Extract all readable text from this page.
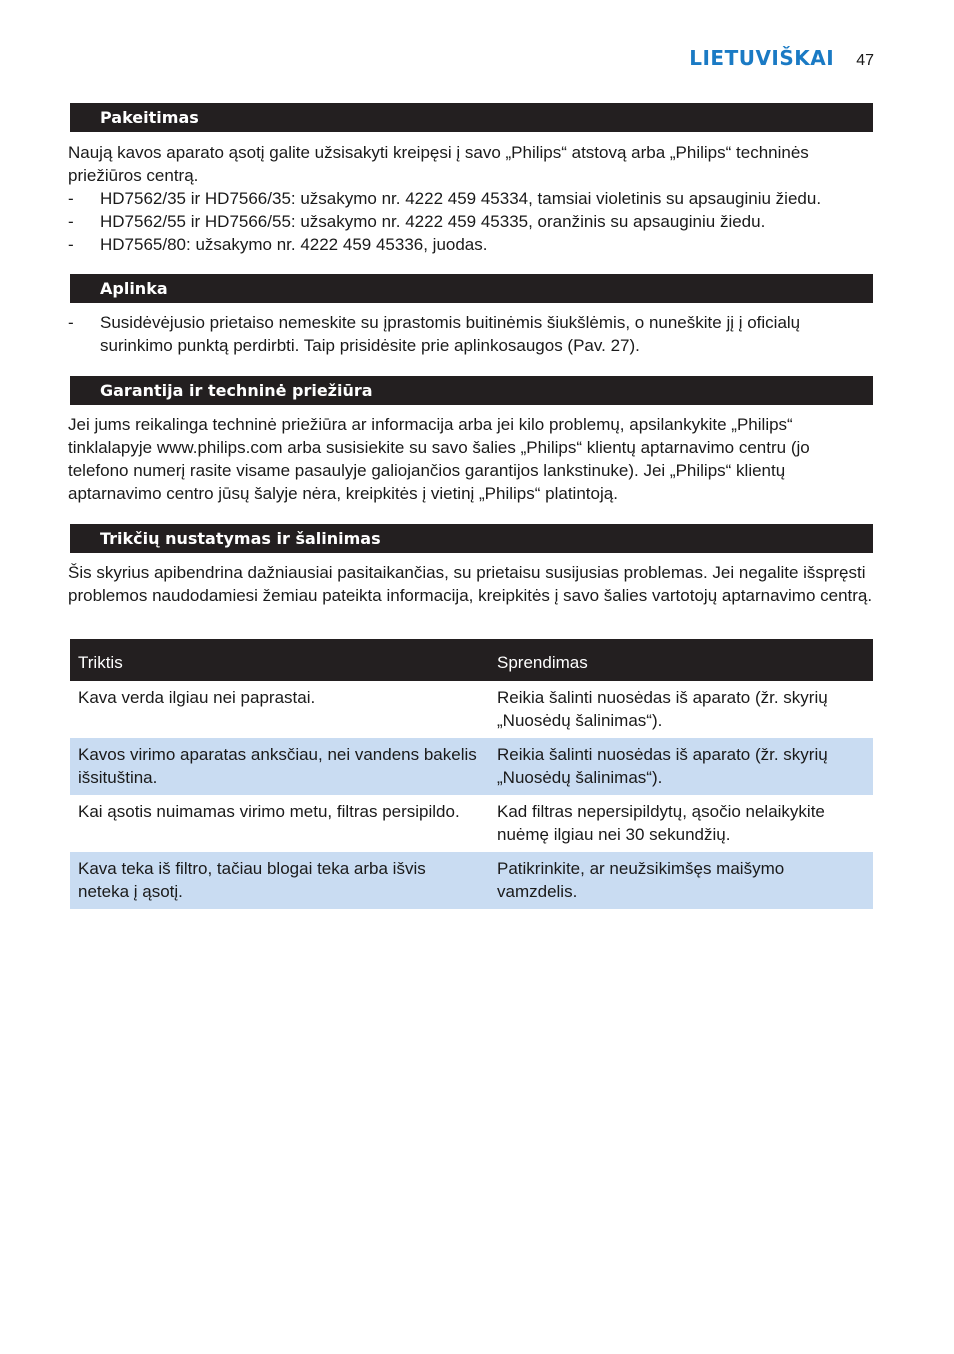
LIETUVIŠKAI 47
Pakeitimas
Naują kavos aparato ąsotį galite užsisakyti kreipęsi į savo „Philips“ atstovą arba „Philips“ techninės priežiūros centrą.
- HD7562/35 ir HD7566/35: užsakymo nr. 4222 459 45334, tamsiai violetinis su apsauginiu žiedu.
- HD7562/55 ir HD7566/55: užsakymo nr. 4222 459 45335, oranžinis su apsauginiu žiedu.
- HD7565/80: užsakymo nr. 4222 459 45336, juodas.
Aplinka
- Susidėvėjusio prietaiso nemeskite su įprastomis buitinėmis šiukšlėmis, o nuneškite jį į oficialų surinkimo punktą perdirbti. Taip prisidėsite prie aplinkosaugos (Pav. 27).
Garantija ir techninė priežiūra
Jei jums reikalinga techninė priežiūra ar informacija arba jei kilo problemų, apsilankykite „Philips“ tinklalapyje www.philips.com arba susisiekite su savo šalies „Philips“ klientų aptarnavimo centru (jo telefono numerį rasite visame pasaulyje galiojančios garantijos lankstinuke). Jei „Philips“ klientų aptarnavimo centro jūsų šalyje nėra, kreipkitės į vietinį „Philips“ platintoją.
Trikčių nustatymas ir šalinimas
Šis skyrius apibendrina dažniausiai pasitaikančias, su prietaisu susijusias problemas. Jei negalite išspręsti problemos naudodamiesi žemiau pateikta informacija, kreipkitės į savo šalies vartotojų aptarnavimo centrą.
Triktis	Sprendimas
Kava verda ilgiau nei paprastai.	Reikia šalinti nuosėdas iš aparato (žr. skyrių „Nuosėdų šalinimas“).
Kavos virimo aparatas anksčiau, nei vandens bakelis išsituština.	Reikia šalinti nuosėdas iš aparato (žr. skyrių „Nuosėdų šalinimas“).
Kai ąsotis nuimamas virimo metu, filtras persipildo.	Kad filtras nepersipildytų, ąsočio nelaikykite nuėmę ilgiau nei 30 sekundžių.
Kava teka iš filtro, tačiau blogai teka arba išvis neteka į ąsotį.	Patikrinkite, ar neužsikimšęs maišymo vamzdelis.
